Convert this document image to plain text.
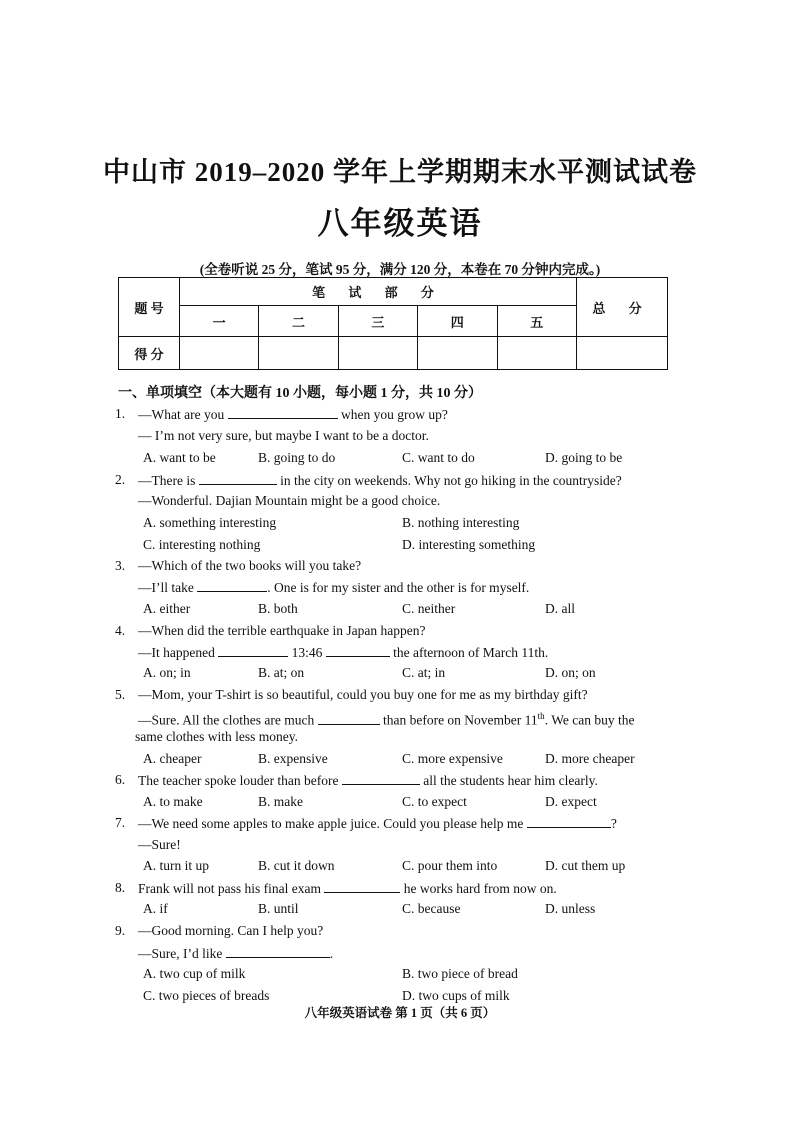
中山市 2019–2020 学年上学期期末水平测试试卷
八年级英语
(全卷听说 25 分，笔试 95 分，满分 120 分，本卷在 70 分钟内完成。)
题 号	笔 试 部 分					总 分
	一	二	三	四	五	
得 分						
一、单项填空（本大题有 10 小题，每小题 1 分，共 10 分）
1. —What are you	when you grow up?
— I’m not very sure, but maybe I want to be a doctor.
A. want to be	B. going to do	C. want to do	D. going to be
2. —There is	in the city on weekends. Why not go hiking in the countryside?
—Wonderful. Dajian Mountain might be a good choice.
A. something interesting	B. nothing interesting
C. interesting nothing	D. interesting something
3. —Which of the two books will you take?
—I’ll take	. One is for my sister and the other is for myself.
A. either	B. both	C. neither	D. all
4. —When did the terrible earthquake in Japan happen?
—It happened	13:46	the afternoon of March 11th.
A. on; in	B. at; on	C. at; in	D. on; on
5. —Mom, your T-shirt is so beautiful, could you buy one for me as my birthday gift?
—Sure. All the clothes are much	than before on November 11th. We can buy the
same clothes with less money.
A. cheaper	B. expensive	C. more expensive	D. more cheaper
6. The teacher spoke louder than before	all the students hear him clearly.
A. to make	B. make	C. to expect	D. expect
7. —We need some apples to make apple juice. Could you please help me	?
—Sure!
A. turn it up	B. cut it down	C. pour them into	D. cut them up
8. Frank will not pass his final exam	he works hard from now on.
A. if	B. until	C. because	D. unless
9. —Good morning. Can I help you?
—Sure, I’d like	.
A. two cup of milk	B. two piece of bread
C. two pieces of breads	D. two cups of milk
八年级英语试卷 第 1 页（共 6 页）
